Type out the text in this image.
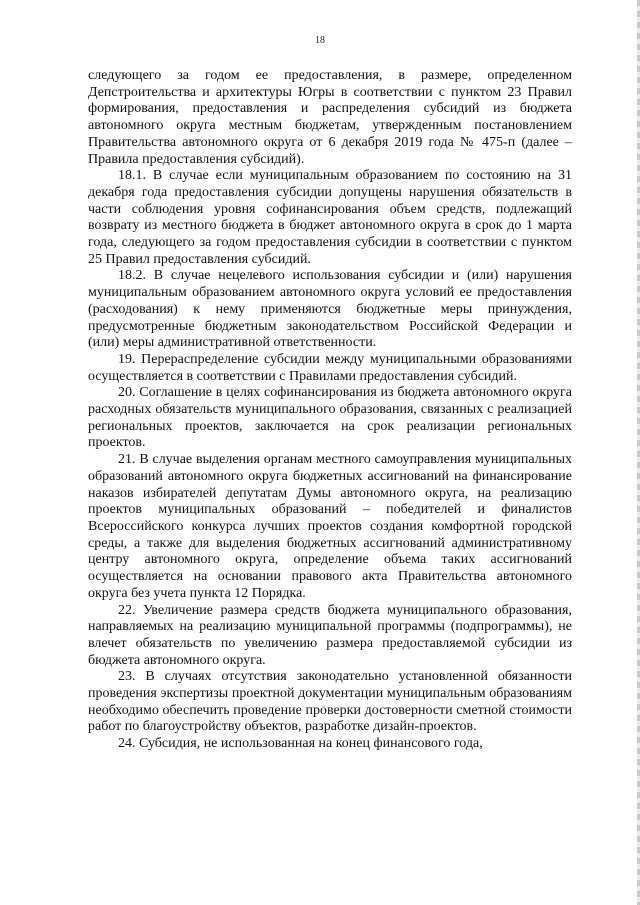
18

следующего за годом ее предоставления, в размере, определенном Депстроительства и архитектуры Югры в соответствии с пунктом 23 Правил формирования, предоставления и распределения субсидий из бюджета автономного округа местным бюджетам, утвержденным постановлением Правительства автономного округа от 6 декабря 2019 года № 475-п (далее – Правила предоставления субсидий).

18.1. В случае если муниципальным образованием по состоянию на 31 декабря года предоставления субсидии допущены нарушения обязательств в части соблюдения уровня софинансирования объем средств, подлежащий возврату из местного бюджета в бюджет автономного округа в срок до 1 марта года, следующего за годом предоставления субсидии в соответствии с пунктом 25 Правил предоставления субсидий.

18.2. В случае нецелевого использования субсидии и (или) нарушения муниципальным образованием автономного округа условий ее предоставления (расходования) к нему применяются бюджетные меры принуждения, предусмотренные бюджетным законодательством Российской Федерации и (или) меры административной ответственности.

19. Перераспределение субсидии между муниципальными образованиями осуществляется в соответствии с Правилами предоставления субсидий.

20. Соглашение в целях софинансирования из бюджета автономного округа расходных обязательств муниципального образования, связанных с реализацией региональных проектов, заключается на срок реализации региональных проектов.

21. В случае выделения органам местного самоуправления муниципальных образований автономного округа бюджетных ассигнований на финансирование наказов избирателей депутатам Думы автономного округа, на реализацию проектов муниципальных образований – победителей и финалистов Всероссийского конкурса лучших проектов создания комфортной городской среды, а также для выделения бюджетных ассигнований административному центру автономного округа, определение объема таких ассигнований осуществляется на основании правового акта Правительства автономного округа без учета пункта 12 Порядка.

22. Увеличение размера средств бюджета муниципального образования, направляемых на реализацию муниципальной программы (подпрограммы), не влечет обязательств по увеличению размера предоставляемой субсидии из бюджета автономного округа.

23. В случаях отсутствия законодательно установленной обязанности проведения экспертизы проектной документации муниципальным образованиям необходимо обеспечить проведение проверки достоверности сметной стоимости работ по благоустройству объектов, разработке дизайн-проектов.

24. Субсидия, не использованная на конец финансового года,
